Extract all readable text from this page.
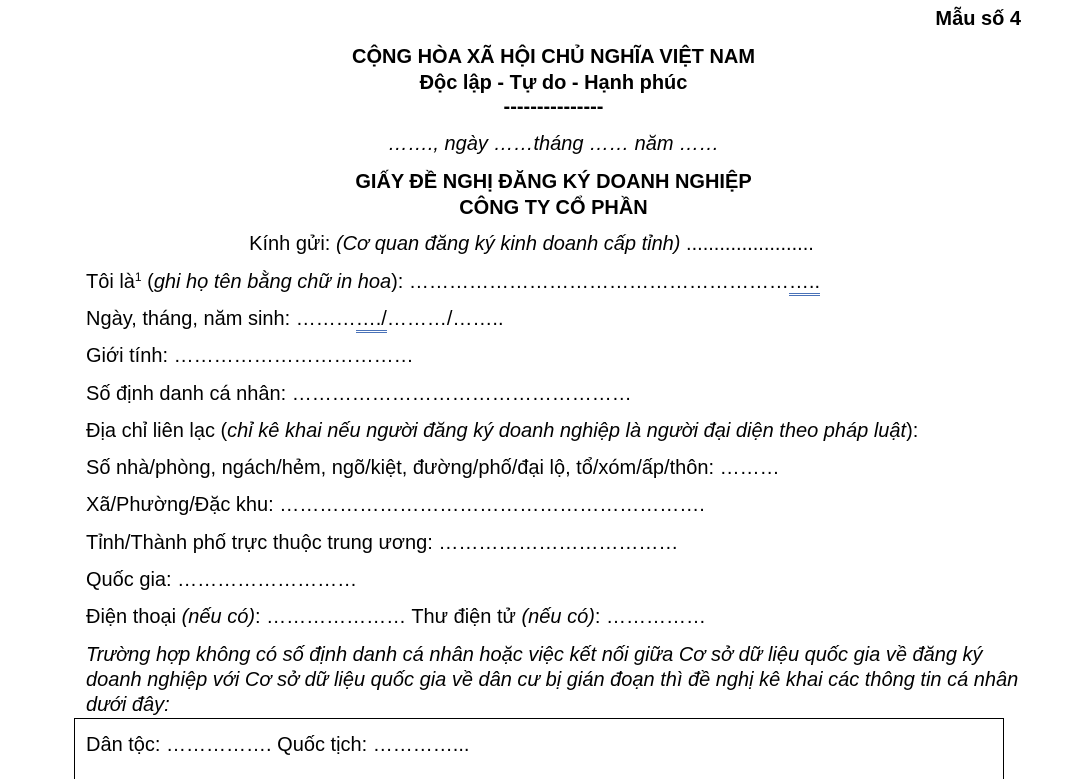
Mẫu số 4
CỘNG HÒA XÃ HỘI CHỦ NGHĨA VIỆT NAM
Độc lập - Tự do - Hạnh phúc
---------------
……., ngày ……tháng …… năm ……
GIẤY ĐỀ NGHỊ ĐĂNG KÝ DOANH NGHIỆP
CÔNG TY CỔ PHẦN
Kính gửi: (Cơ quan đăng ký kinh doanh cấp tỉnh) .......................
Tôi $là^1$ (ghi họ tên bằng chữ in hoa): ……………………………………………………..
Ngày, tháng, năm sinh: …………./………/……..
Giới tính: ………………………………
Số định danh cá nhân: ……………………………………………
Địa chỉ liên lạc (chỉ kê khai nếu người đăng ký doanh nghiệp là người đại diện theo pháp luật):
Số nhà/phòng, ngách/hẻm, ngõ/kiệt, đường/phố/đại lộ, tổ/xóm/ấp/thôn: ………
Xã/Phường/Đặc khu: ……………………………………………………….
Tỉnh/Thành phố trực thuộc trung ương: ………………………………
Quốc gia: ………………………
Điện thoại (nếu có): ………………… Thư điện tử (nếu có): ……………
Trường hợp không có số định danh cá nhân hoặc việc kết nối giữa Cơ sở dữ liệu quốc gia về đăng ký doanh nghiệp với Cơ sở dữ liệu quốc gia về dân cư bị gián đoạn thì đề nghị kê khai các thông tin cá nhân dưới đây:
Dân tộc: ……………. Quốc tịch: …………...
